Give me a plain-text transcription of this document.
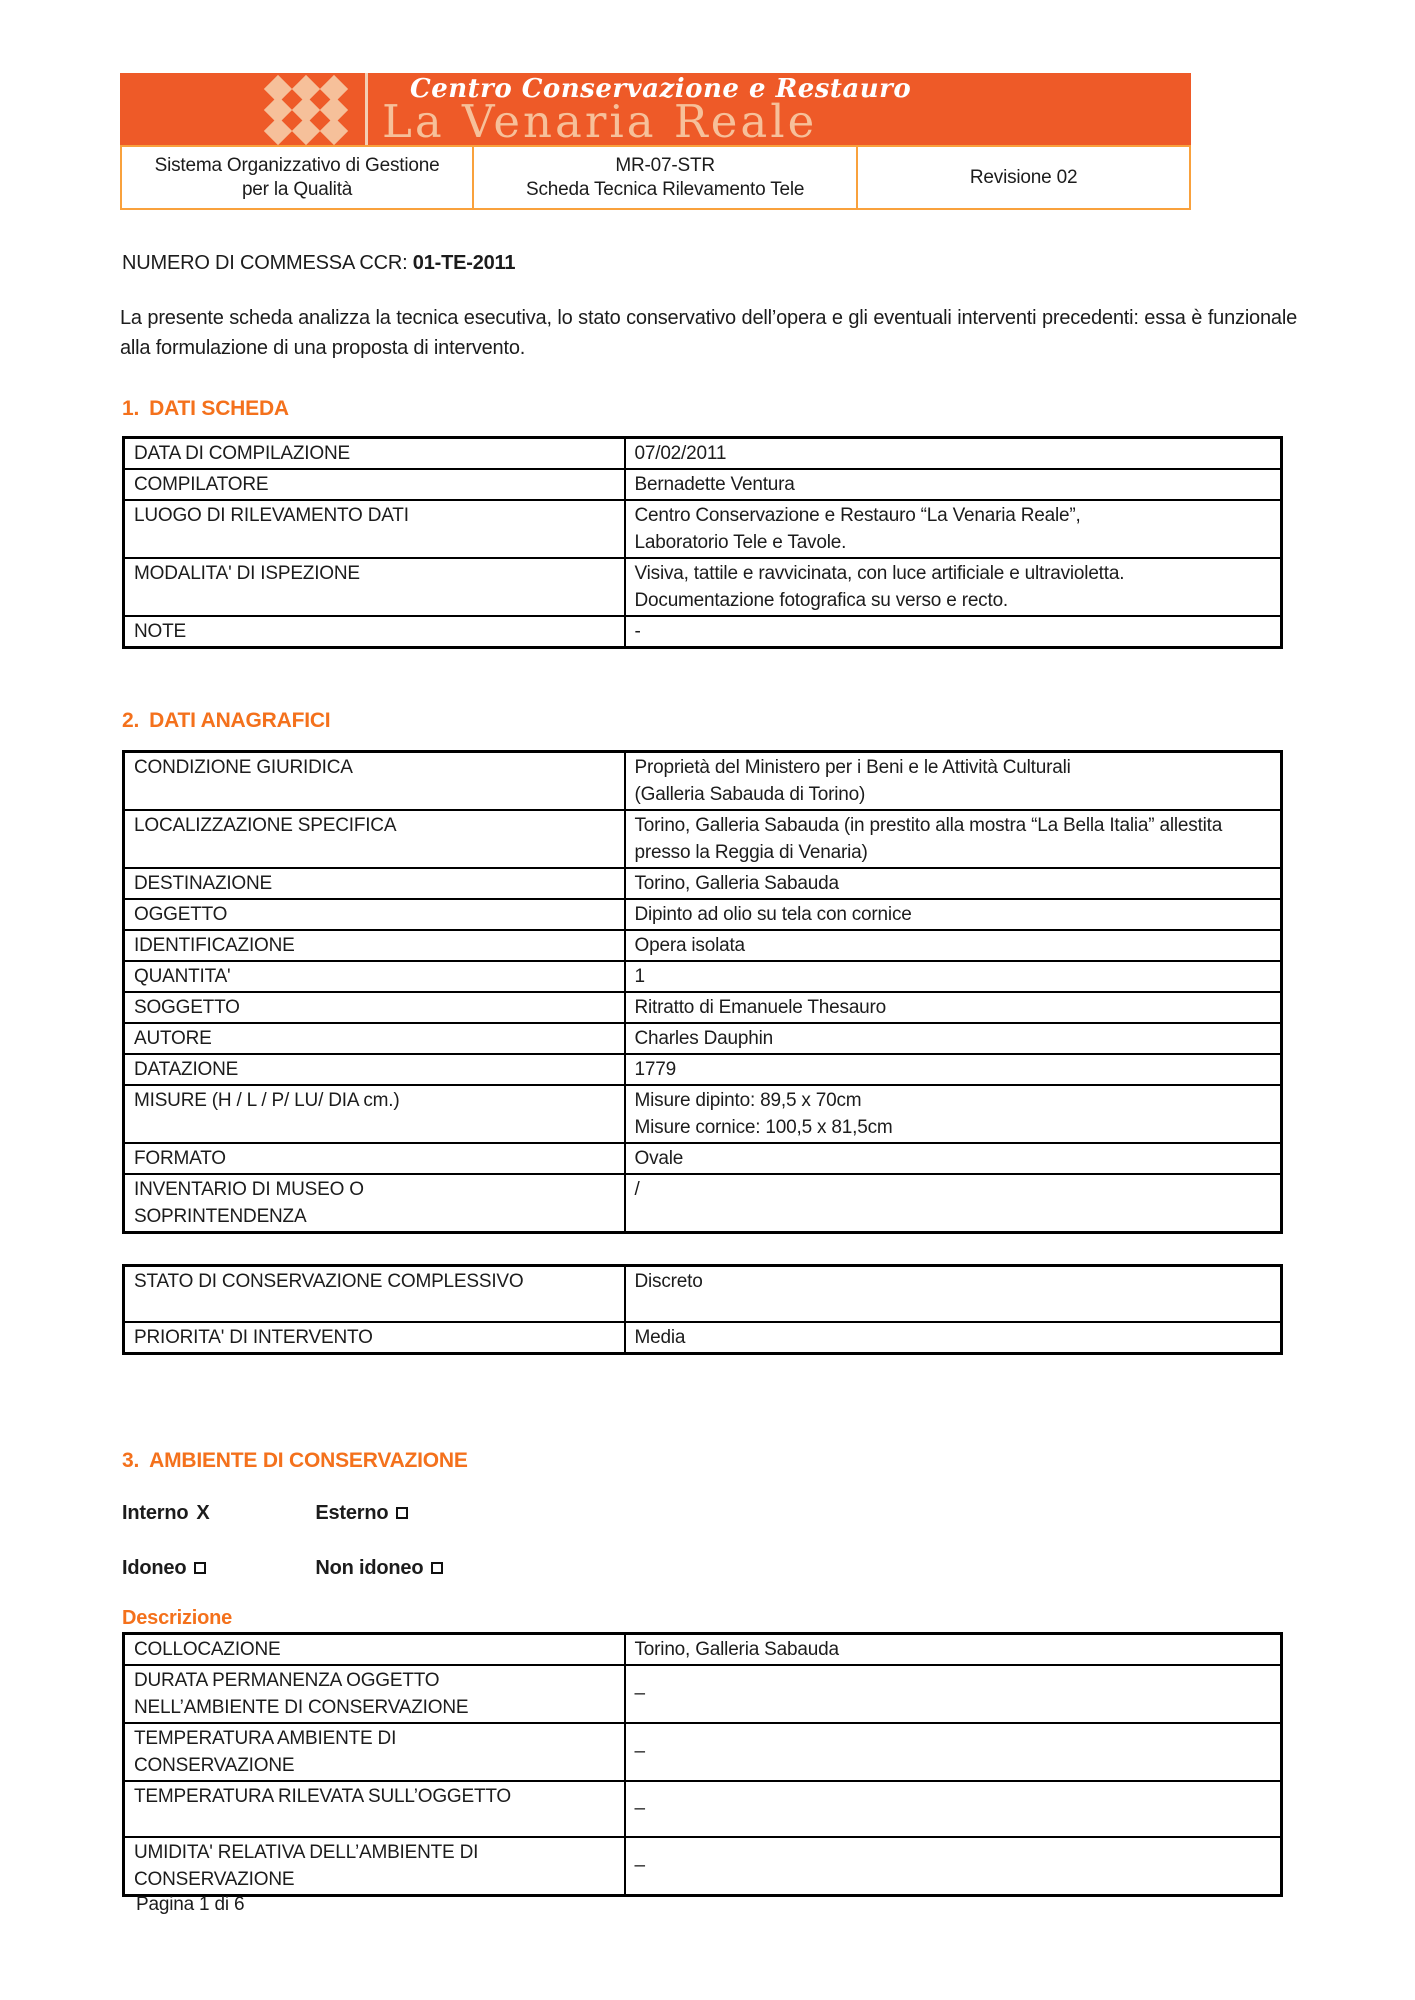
Centro Conservazione e Restauro
La Venaria Reale
Sistema Organizzativo di Gestione
per la Qualità
MR-07-STR
Scheda Tecnica Rilevamento Tele
Revisione 02
NUMERO DI COMMESSA CCR: 01-TE-2011

La presente scheda analizza la tecnica esecutiva, lo stato conservativo dell’opera e gli eventuali interventi precedenti: essa è funzionale alla formulazione di una proposta di intervento.

1. DATI SCHEDA
DATA DI COMPILAZIONE	07/02/2011

COMPILATORE	Bernadette Ventura

LUOGO DI RILEVAMENTO DATI	Centro Conservazione e Restauro “La Venaria Reale”,
Laboratorio Tele e Tavole.

MODALITA' DI ISPEZIONE	Visiva, tattile e ravvicinata, con luce artificiale e ultravioletta.
Documentazione fotografica su verso e recto.

NOTE	-
2. DATI ANAGRAFICI
CONDIZIONE GIURIDICA	Proprietà del Ministero per i Beni e le Attività Culturali
(Galleria Sabauda di Torino)

LOCALIZZAZIONE SPECIFICA	Torino, Galleria Sabauda (in prestito alla mostra “La Bella Italia” allestita presso la Reggia di Venaria)

DESTINAZIONE	Torino, Galleria Sabauda

OGGETTO	Dipinto ad olio su tela con cornice

IDENTIFICAZIONE	Opera isolata

QUANTITA'	1

SOGGETTO	Ritratto di Emanuele Thesauro

AUTORE	Charles Dauphin

DATAZIONE	1779

MISURE (H / L / P/ LU/ DIA cm.)	Misure dipinto: 89,5 x 70cm
Misure cornice: 100,5 x 81,5cm

FORMATO	Ovale

INVENTARIO DI MUSEO O SOPRINTENDENZA	/
STATO DI CONSERVAZIONE COMPLESSIVO	Discreto

PRIORITA' DI INTERVENTO	Media
3. AMBIENTE DI CONSERVAZIONE
Interno X	Esterno
Idoneo	Non idoneo
Descrizione
COLLOCAZIONE	Torino, Galleria Sabauda

DURATA PERMANENZA OGGETTO NELL’AMBIENTE DI CONSERVAZIONE	–

TEMPERATURA AMBIENTE DI CONSERVAZIONE	–

TEMPERATURA RILEVATA SULL’OGGETTO	–

UMIDITA' RELATIVA DELL’AMBIENTE DI CONSERVAZIONE	–
Pagina 1 di 6
